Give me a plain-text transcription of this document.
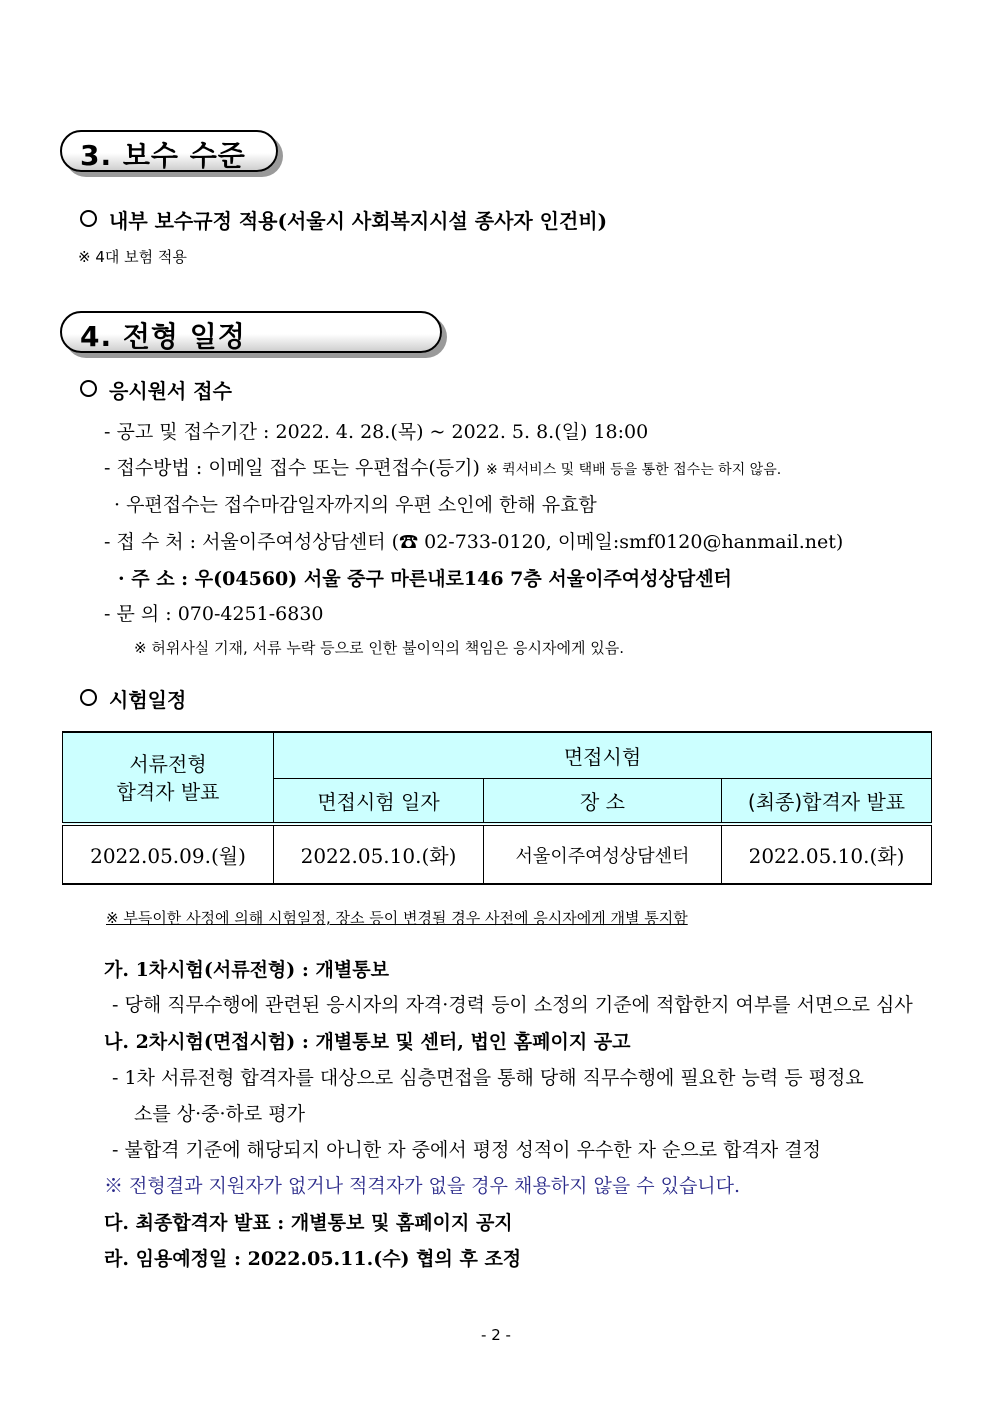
3. 보수 수준
내부 보수규정 적용(서울시 사회복지시설 종사자 인건비)
※ 4대 보험 적용
4. 전형 일정
응시원서 접수
- 공고 및 접수기간 : 2022. 4. 28.(목) ~ 2022. 5. 8.(일) 18:00
- 접수방법 : 이메일 접수 또는 우편접수(등기) ※ 퀵서비스 및 택배 등을 통한 접수는 하지 않음.
· 우편접수는 접수마감일자까지의 우편 소인에 한해 유효함
- 접 수 처 : 서울이주여성상담센터 (☎ 02-733-0120, 이메일:smf0120@hanmail.net)
· 주 소 : 우(04560) 서울 중구 마른내로146 7층 서울이주여성상담센터
- 문 의 : 070-4251-6830
※ 허위사실 기재, 서류 누락 등으로 인한 불이익의 책임은 응시자에게 있음.
시험일정
서류전형
합격자 발표	면접시험		
	면접시험 일자	장 소	(최종)합격자 발표
2022.05.09.(월)	2022.05.10.(화)	서울이주여성상담센터	2022.05.10.(화)
※ 부득이한 사정에 의해 시험일정, 장소 등이 변경될 경우 사전에 응시자에게 개별 통지함
가. 1차시험(서류전형) : 개별통보
- 당해 직무수행에 관련된 응시자의 자격·경력 등이 소정의 기준에 적합한지 여부를 서면으로 심사
나. 2차시험(면접시험) : 개별통보 및 센터, 법인 홈페이지 공고
- 1차 서류전형 합격자를 대상으로 심층면접을 통해 당해 직무수행에 필요한 능력 등 평정요
소를 상·중·하로 평가
- 불합격 기준에 해당되지 아니한 자 중에서 평정 성적이 우수한 자 순으로 합격자 결정
※ 전형결과 지원자가 없거나 적격자가 없을 경우 채용하지 않을 수 있습니다.
다. 최종합격자 발표 : 개별통보 및 홈페이지 공지
라. 임용예정일 : 2022.05.11.(수) 협의 후 조정
- 2 -
